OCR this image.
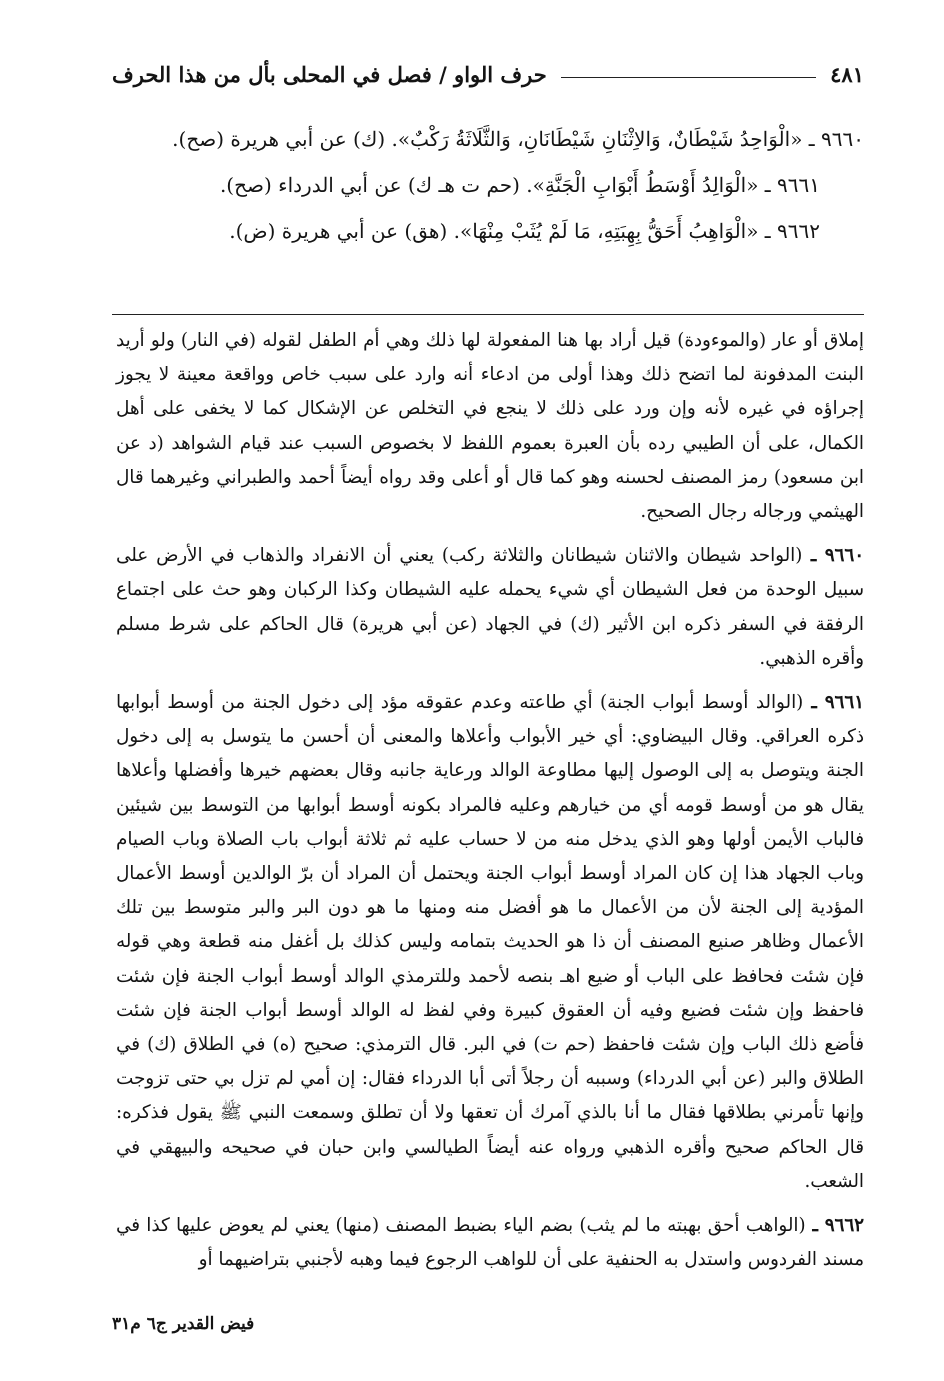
حرف الواو / فصل في المحلى بأل من هذا الحرف	٤٨١

٩٦٦٠ ـ «الْوَاحِدُ شَيْطَانٌ، وَالاِثْنَانِ شَيْطَانَانِ، وَالثَّلَاثَةُ رَكْبٌ». (ك) عن أبي هريرة (صح).

٩٦٦١ ـ «الْوَالِدُ أَوْسَطُ أَبْوَابِ الْجَنَّةِ». (حم ت هـ ك) عن أبي الدرداء (صح).

٩٦٦٢ ـ «الْوَاهِبُ أَحَقُّ بِهِبَتِهِ، مَا لَمْ يُثَبْ مِنْهَا». (هق) عن أبي هريرة (ض).

إملاق أو عار (والموءودة) قيل أراد بها هنا المفعولة لها ذلك وهي أم الطفل لقوله (في النار) ولو أريد البنت المدفونة لما اتضح ذلك وهذا أولى من ادعاء أنه وارد على سبب خاص وواقعة معينة لا يجوز إجراؤه في غيره لأنه وإن ورد على ذلك لا ينجع في التخلص عن الإشكال كما لا يخفى على أهل الكمال، على أن الطيبي رده بأن العبرة بعموم اللفظ لا بخصوص السبب عند قيام الشواهد (د عن ابن مسعود) رمز المصنف لحسنه وهو كما قال أو أعلى وقد رواه أيضاً أحمد والطبراني وغيرهما قال الهيثمي ورجاله رجال الصحيح.

٩٦٦٠ ـ (الواحد شيطان والاثنان شيطانان والثلاثة ركب) يعني أن الانفراد والذهاب في الأرض على سبيل الوحدة من فعل الشيطان أي شيء يحمله عليه الشيطان وكذا الركبان وهو حث على اجتماع الرفقة في السفر ذكره ابن الأثير (ك) في الجهاد (عن أبي هريرة) قال الحاكم على شرط مسلم وأقره الذهبي.

٩٦٦١ ـ (الوالد أوسط أبواب الجنة) أي طاعته وعدم عقوقه مؤد إلى دخول الجنة من أوسط أبوابها ذكره العراقي. وقال البيضاوي: أي خير الأبواب وأعلاها والمعنى أن أحسن ما يتوسل به إلى دخول الجنة ويتوصل به إلى الوصول إليها مطاوعة الوالد ورعاية جانبه وقال بعضهم خيرها وأفضلها وأعلاها يقال هو من أوسط قومه أي من خيارهم وعليه فالمراد بكونه أوسط أبوابها من التوسط بين شيئين فالباب الأيمن أولها وهو الذي يدخل منه من لا حساب عليه ثم ثلاثة أبواب باب الصلاة وباب الصيام وباب الجهاد هذا إن كان المراد أوسط أبواب الجنة ويحتمل أن المراد أن برّ الوالدين أوسط الأعمال المؤدية إلى الجنة لأن من الأعمال ما هو أفضل منه ومنها ما هو دون البر والبر متوسط بين تلك الأعمال وظاهر صنيع المصنف أن ذا هو الحديث بتمامه وليس كذلك بل أغفل منه قطعة وهي قوله فإن شئت فحافظ على الباب أو ضيع اهـ بنصه لأحمد وللترمذي الوالد أوسط أبواب الجنة فإن شئت فاحفظ وإن شئت فضيع وفيه أن العقوق كبيرة وفي لفظ له الوالد أوسط أبواب الجنة فإن شئت فأضع ذلك الباب وإن شئت فاحفظ (حم ت) في البر. قال الترمذي: صحيح (ه) في الطلاق (ك) في الطلاق والبر (عن أبي الدرداء) وسببه أن رجلاً أتى أبا الدرداء فقال: إن أمي لم تزل بي حتى تزوجت وإنها تأمرني بطلاقها فقال ما أنا بالذي آمرك أن تعقها ولا أن تطلق وسمعت النبي ﷺ يقول فذكره: قال الحاكم صحيح وأقره الذهبي ورواه عنه أيضاً الطيالسي وابن حبان في صحيحه والبيهقي في الشعب.

٩٦٦٢ ـ (الواهب أحق بهبته ما لم يثب) بضم الياء بضبط المصنف (منها) يعني لم يعوض عليها كذا في مسند الفردوس واستدل به الحنفية على أن للواهب الرجوع فيما وهبه لأجنبي بتراضيهما أو

فيض القدير ج٦ م٣١
